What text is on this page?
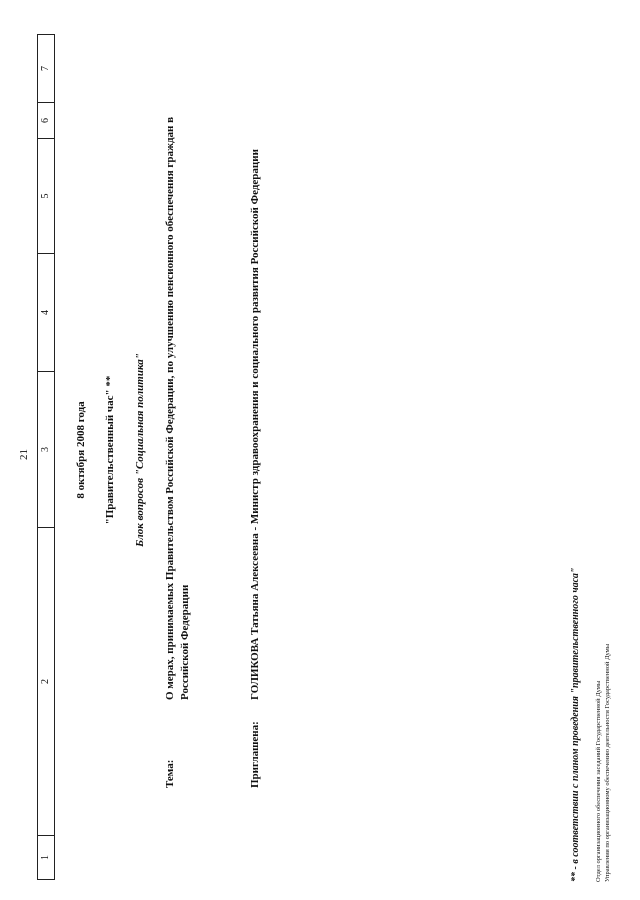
21
1
2
3
4
5
6
7
8 октября 2008 года "Правительственный час" ** Блок вопросов "Социальная политика"
Тема:
О мерах, принимаемых Правительством Российской Федерации, по улучшению пенсионного обеспечения граждан в Российской Федерации
Приглашена:
ГОЛИКОВА Татьяна Алексеевна - Министр здравоохранения и социального развития Российской Федерации
** - в соответствии с планом проведения "правительственного часа" Отдел организационного обеспечения заседаний Государственной Думы Управления по организационному обеспечению деятельности Государственной Думы
